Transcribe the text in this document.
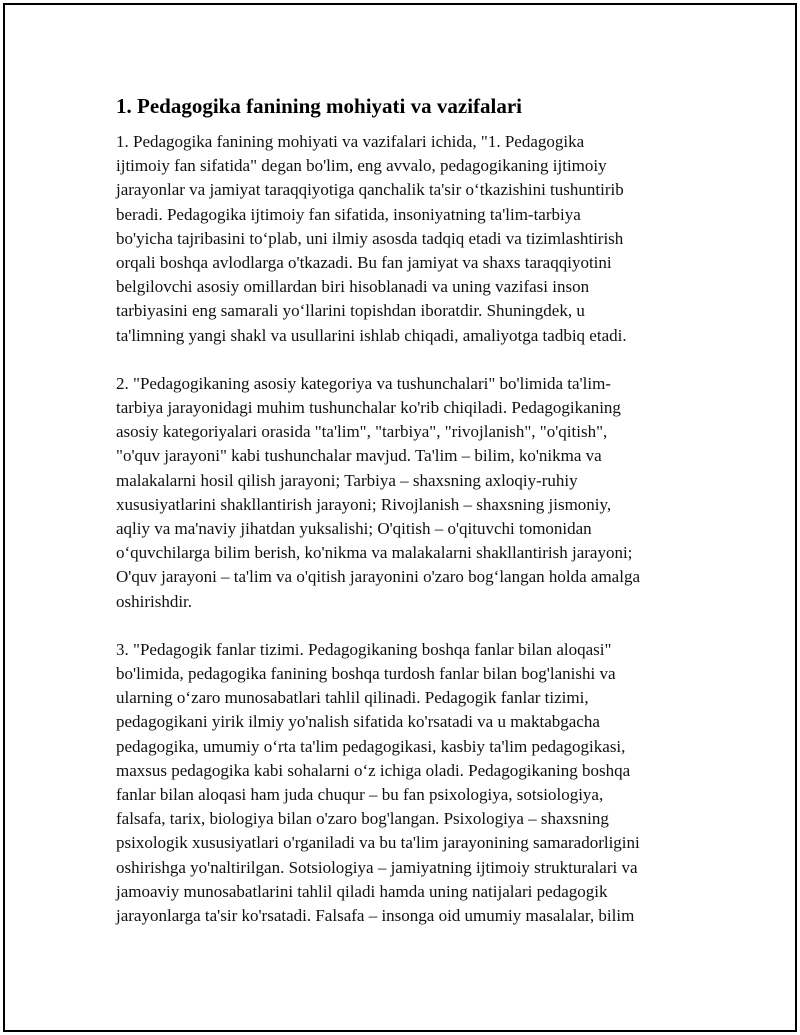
1. Pedagogika fanining mohiyati va vazifalari
1. Pedagogika fanining mohiyati va vazifalari ichida, "1. Pedagogika
ijtimoiy fan sifatida" degan bo'lim, eng avvalo, pedagogikaning ijtimoiy
jarayonlar va jamiyat taraqqiyotiga qanchalik ta'sir o‘tkazishini tushuntirib
beradi. Pedagogika ijtimoiy fan sifatida, insoniyatning ta'lim-tarbiya
bo'yicha tajribasini to‘plab, uni ilmiy asosda tadqiq etadi va tizimlashtirish
orqali boshqa avlodlarga o'tkazadi. Bu fan jamiyat va shaxs taraqqiyotini
belgilovchi asosiy omillardan biri hisoblanadi va uning vazifasi inson
tarbiyasini eng samarali yo‘llarini topishdan iboratdir. Shuningdek, u
ta'limning yangi shakl va usullarini ishlab chiqadi, amaliyotga tadbiq etadi.
2. "Pedagogikaning asosiy kategoriya va tushunchalari" bo'limida ta'lim-
tarbiya jarayonidagi muhim tushunchalar ko'rib chiqiladi. Pedagogikaning
asosiy kategoriyalari orasida "ta'lim", "tarbiya", "rivojlanish", "o'qitish",
"o'quv jarayoni" kabi tushunchalar mavjud. Ta'lim – bilim, ko'nikma va
malakalarni hosil qilish jarayoni; Tarbiya – shaxsning axloqiy-ruhiy
xususiyatlarini shakllantirish jarayoni; Rivojlanish – shaxsning jismoniy,
aqliy va ma'naviy jihatdan yuksalishi; O'qitish – o'qituvchi tomonidan
o‘quvchilarga bilim berish, ko'nikma va malakalarni shakllantirish jarayoni;
O'quv jarayoni – ta'lim va o'qitish jarayonini o'zaro bog‘langan holda amalga
oshirishdir.
3. "Pedagogik fanlar tizimi. Pedagogikaning boshqa fanlar bilan aloqasi"
bo'limida, pedagogika fanining boshqa turdosh fanlar bilan bog'lanishi va
ularning o‘zaro munosabatlari tahlil qilinadi. Pedagogik fanlar tizimi,
pedagogikani yirik ilmiy yo'nalish sifatida ko'rsatadi va u maktabgacha
pedagogika, umumiy o‘rta ta'lim pedagogikasi, kasbiy ta'lim pedagogikasi,
maxsus pedagogika kabi sohalarni o‘z ichiga oladi. Pedagogikaning boshqa
fanlar bilan aloqasi ham juda chuqur – bu fan psixologiya, sotsiologiya,
falsafa, tarix, biologiya bilan o'zaro bog'langan. Psixologiya – shaxsning
psixologik xususiyatlari o'rganiladi va bu ta'lim jarayonining samaradorligini
oshirishga yo'naltirilgan. Sotsiologiya – jamiyatning ijtimoiy strukturalari va
jamoaviy munosabatlarini tahlil qiladi hamda uning natijalari pedagogik
jarayonlarga ta'sir ko'rsatadi. Falsafa – insonga oid umumiy masalalar, bilim
